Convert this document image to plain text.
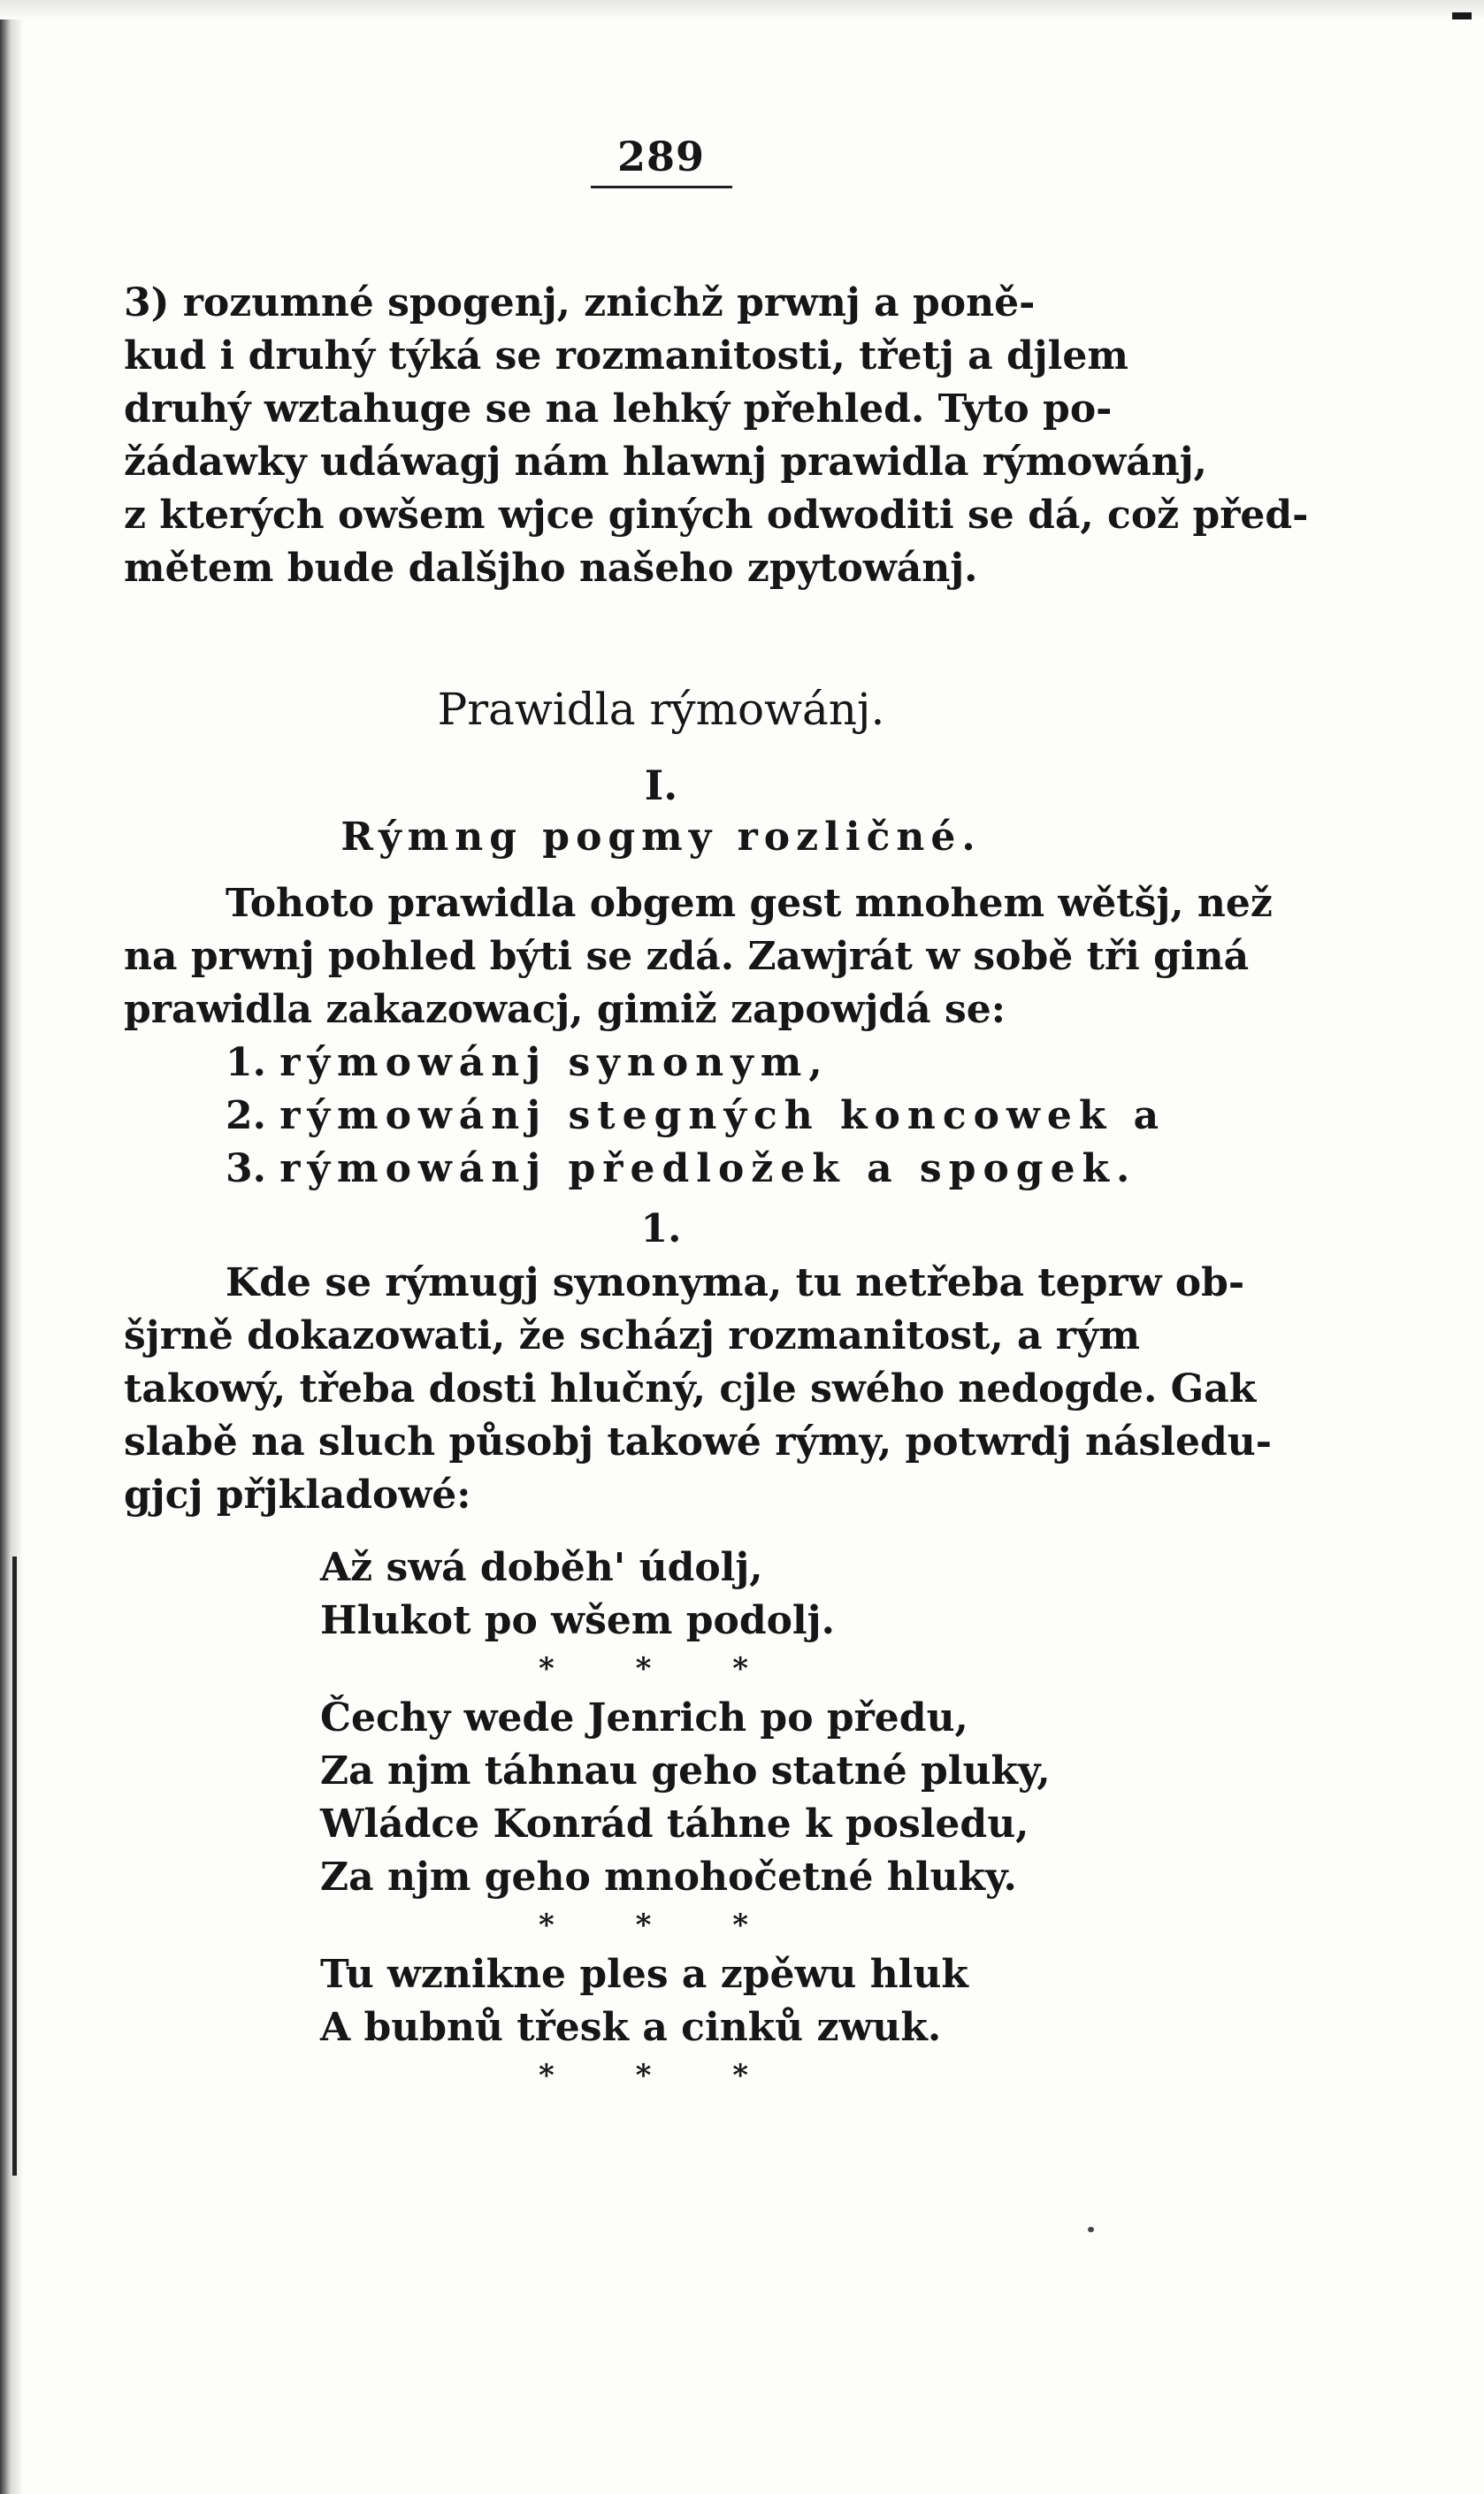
289
3) rozumné spogenj, znichž prwnj a poně-
kud i druhý týká se rozmanitosti, třetj a djlem
druhý wztahuge se na lehký přehled. Tyto po-
žádawky udáwagj nám hlawnj prawidla rýmowánj,
z kterých owšem wjce giných odwoditi se dá, což před-
mětem bude dalšjho našeho zpytowánj.
Prawidla rýmowánj.
I.
Rýmng pogmy rozličné.
Tohoto prawidla obgem gest mnohem wětšj, než
na prwnj pohled býti se zdá. Zawjrát w sobě tři giná
prawidla zakazowacj, gimiž zapowjdá se:
1. rýmowánj synonym,
2. rýmowánj stegných koncowek a
3. rýmowánj předložek a spogek.
1.
Kde se rýmugj synonyma, tu netřeba teprw ob-
šjrně dokazowati, že scházj rozmanitost, a rým
takowý, třeba dosti hlučný, cjle swého nedogde. Gak
slabě na sluch působj takowé rýmy, potwrdj následu-
gjcj přjkladowé:
Až swá doběh' údolj,
Hlukot po wšem podolj.
* * *
Čechy wede Jenrich po předu,
Za njm táhnau geho statné pluky,
Wládce Konrád táhne k posledu,
Za njm geho mnohočetné hluky.
* * *
Tu wznikne ples a zpěwu hluk
A bubnů třesk a cinků zwuk.
* * *
